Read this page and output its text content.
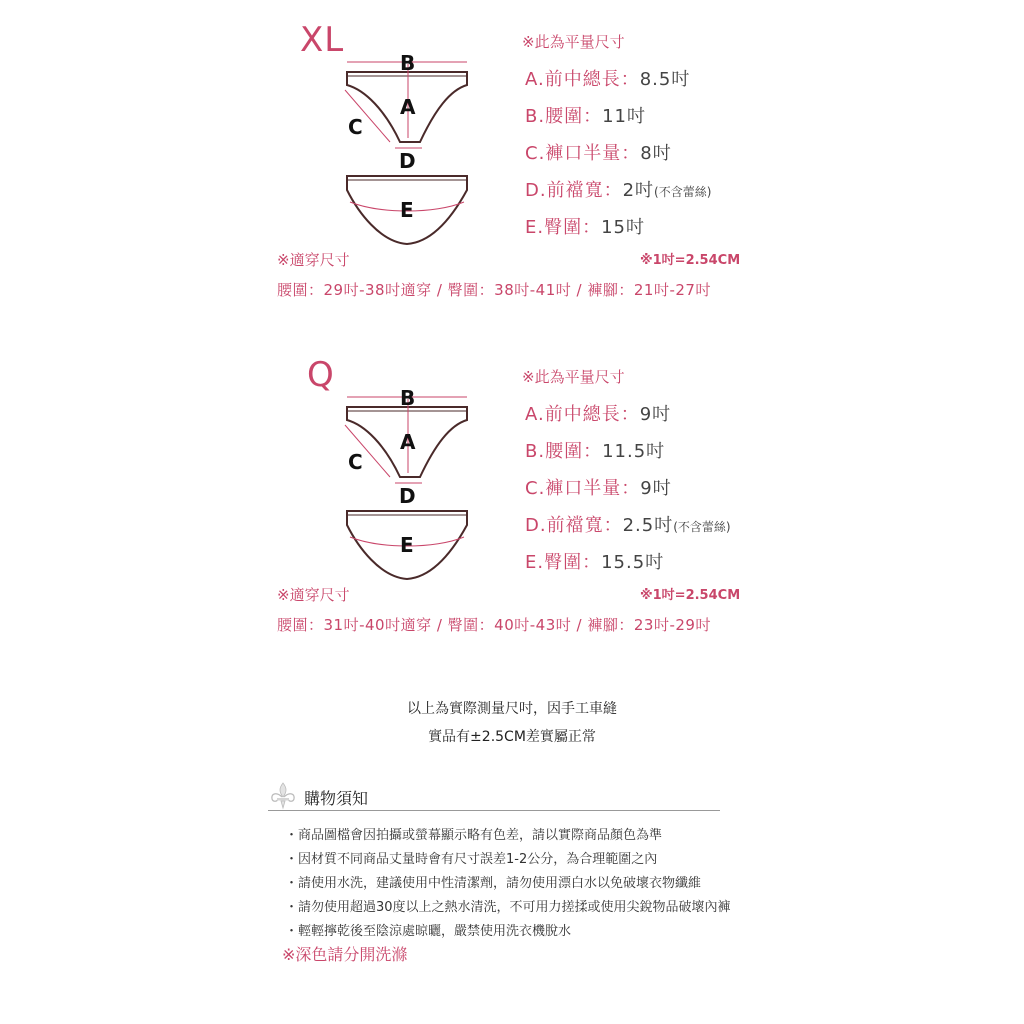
XL
B
A
C
D
E
※此為平量尺寸
A.前中總長：8.5吋
B.腰圍：11吋
C.褲口半量：8吋
D.前襠寬：2吋(不含蕾絲)
E.臀圍：15吋
※適穿尺寸	※1吋=2.54CM
腰圍：29吋-38吋適穿 / 臀圍：38吋-41吋 / 褲腳：21吋-27吋
Q
B
A
C
D
E
※此為平量尺寸
A.前中總長：9吋
B.腰圍：11.5吋
C.褲口半量：9吋
D.前襠寬：2.5吋(不含蕾絲)
E.臀圍：15.5吋
※適穿尺寸	※1吋=2.54CM
腰圍：31吋-40吋適穿 / 臀圍：40吋-43吋 / 褲腳：23吋-29吋
以上為實際測量尺吋，因手工車縫
實品有±2.5CM差實屬正常
購物須知
・商品圖檔會因拍攝或螢幕顯示略有色差，請以實際商品顏色為準
・因材質不同商品丈量時會有尺寸誤差1-2公分，為合理範圍之內
・請使用水洗，建議使用中性清潔劑，請勿使用漂白水以免破壞衣物纖維
・請勿使用超過30度以上之熱水清洗，不可用力搓揉或使用尖銳物品破壞內褲
・輕輕擰乾後至陰涼處晾曬，嚴禁使用洗衣機脫水
※深色請分開洗滌
